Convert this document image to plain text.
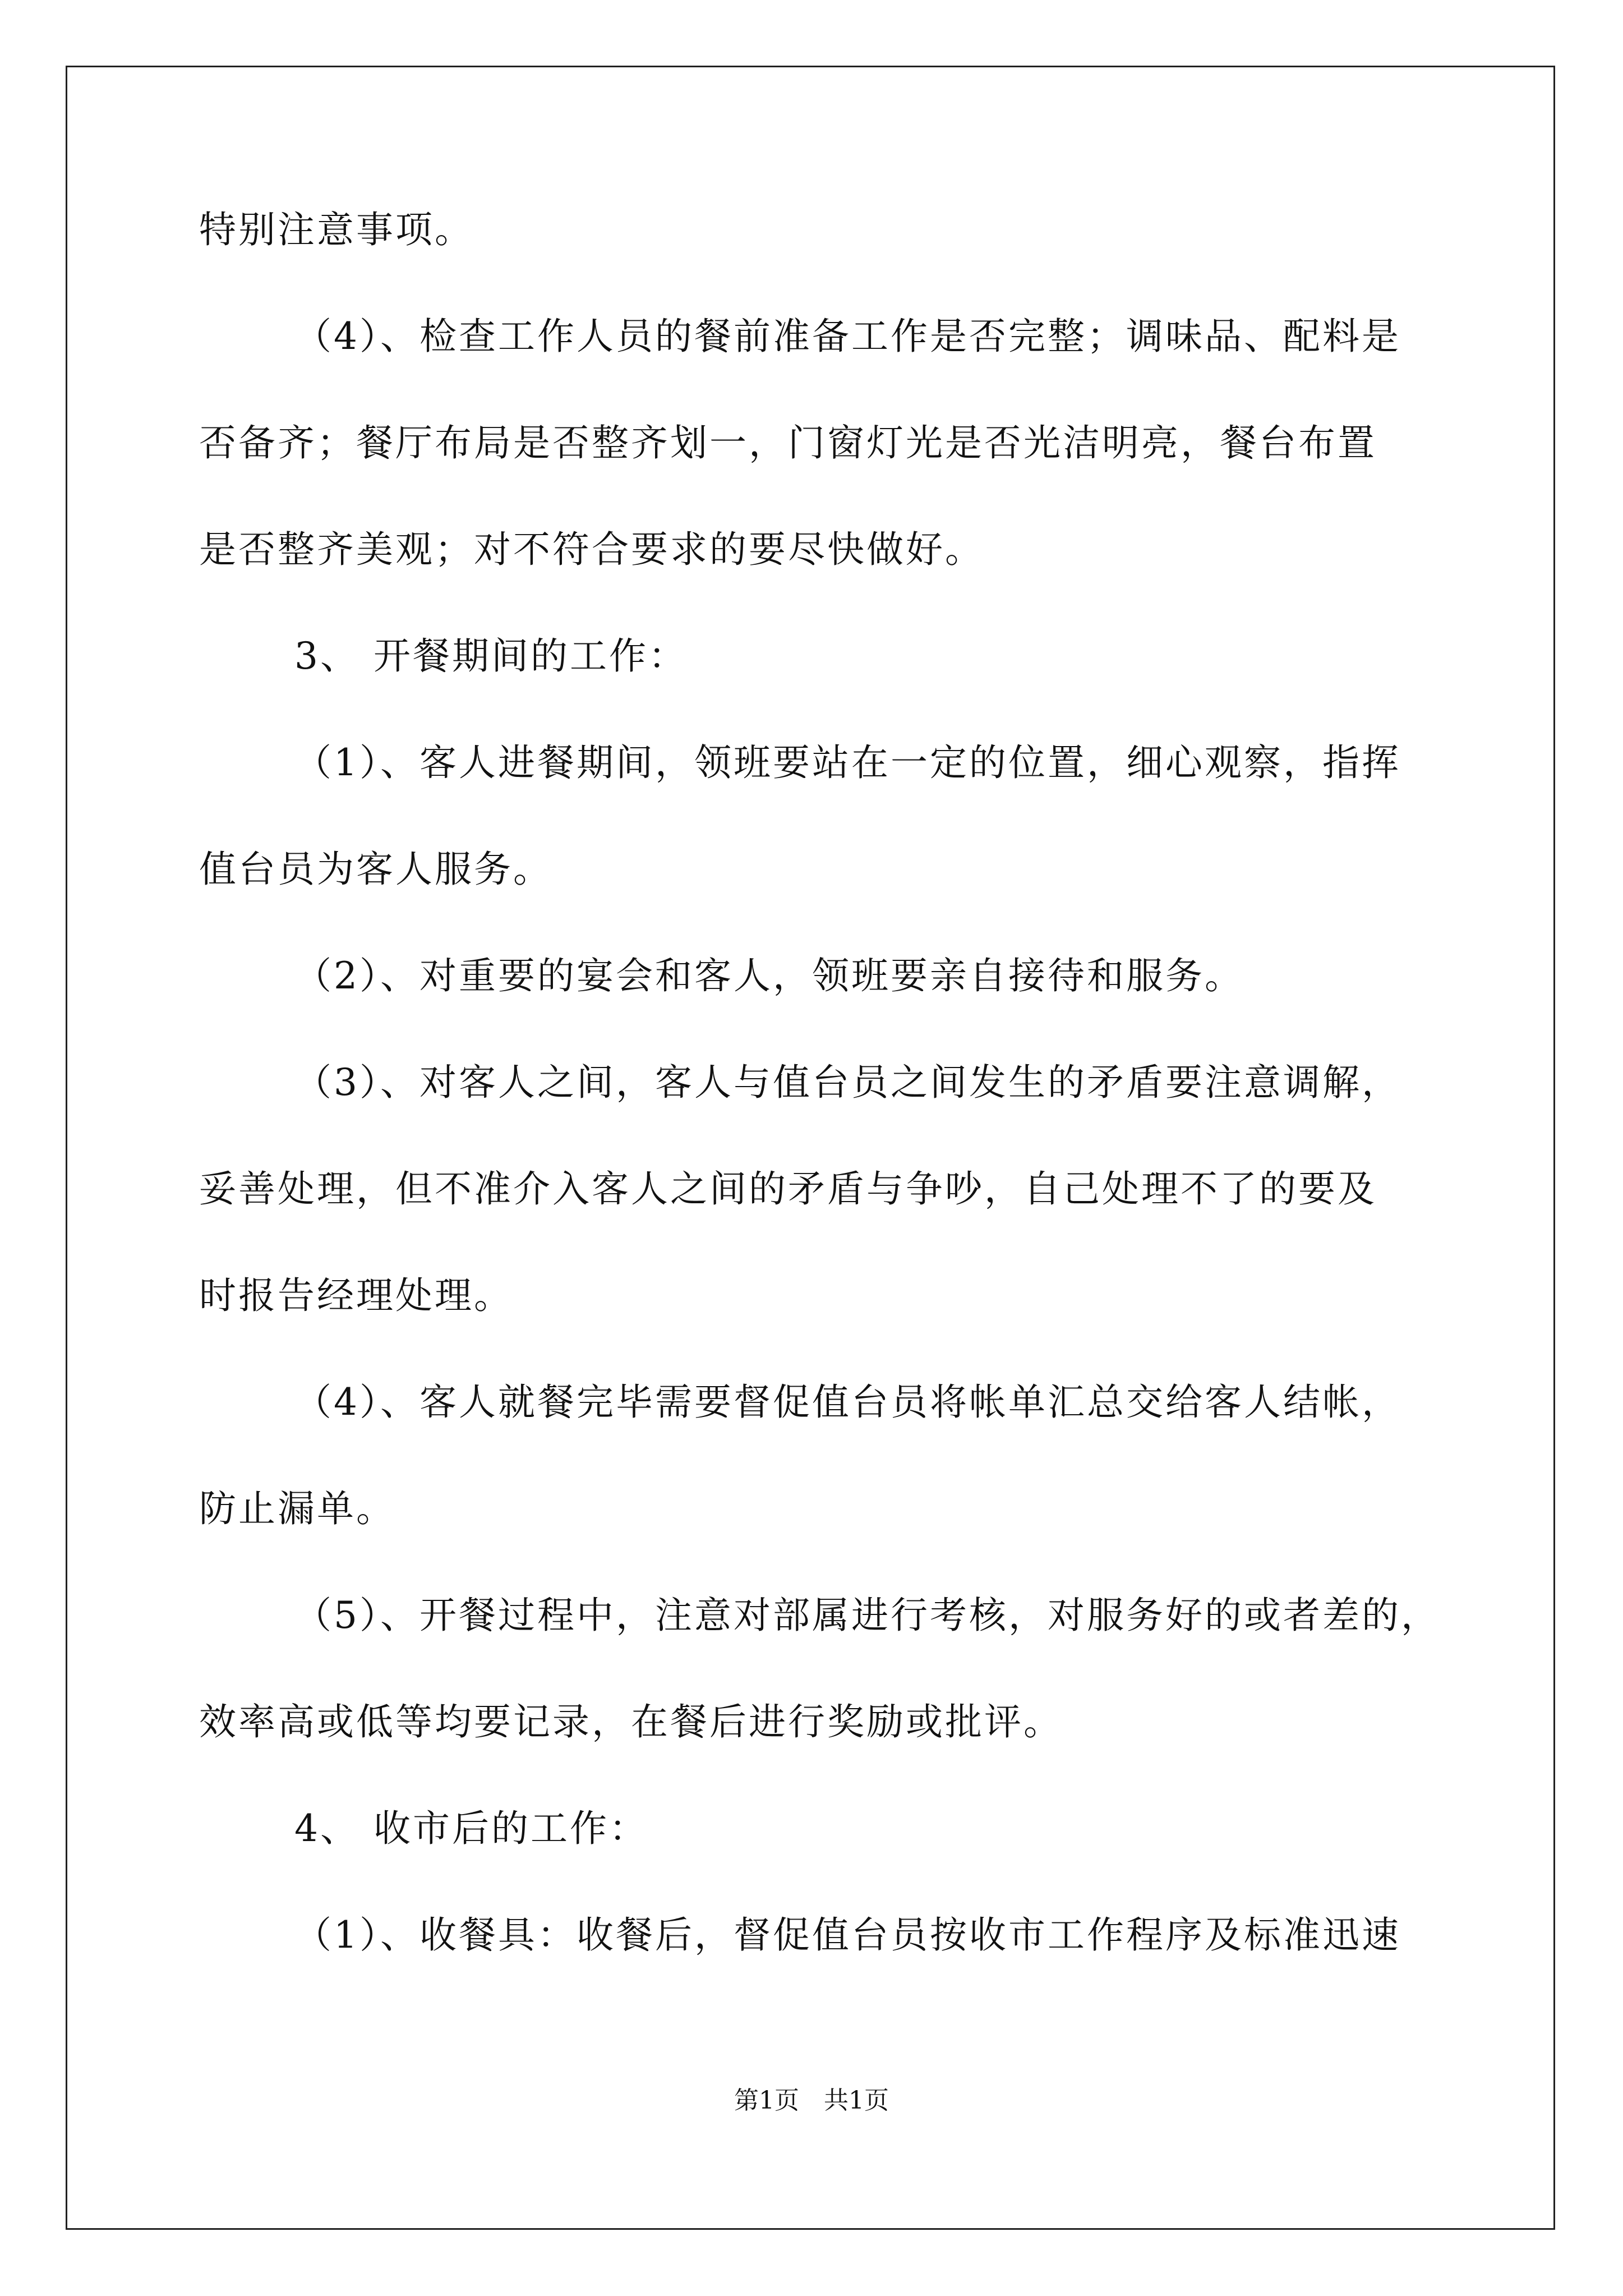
特别注意事项。
（4）、检查工作人员的餐前准备工作是否完整；调味品、配料是
否备齐；餐厅布局是否整齐划一，门窗灯光是否光洁明亮，餐台布置
是否整齐美观；对不符合要求的要尽快做好。
3、 开餐期间的工作：
（1）、客人进餐期间，领班要站在一定的位置，细心观察，指挥
值台员为客人服务。
（2）、对重要的宴会和客人，领班要亲自接待和服务。
（3）、对客人之间，客人与值台员之间发生的矛盾要注意调解，
妥善处理，但不准介入客人之间的矛盾与争吵，自己处理不了的要及
时报告经理处理。
（4）、客人就餐完毕需要督促值台员将帐单汇总交给客人结帐，
防止漏单。
（5）、开餐过程中，注意对部属进行考核，对服务好的或者差的，
效率高或低等均要记录，在餐后进行奖励或批评。
4、 收市后的工作：
（1）、收餐具：收餐后，督促值台员按收市工作程序及标准迅速
第1页　共1页
